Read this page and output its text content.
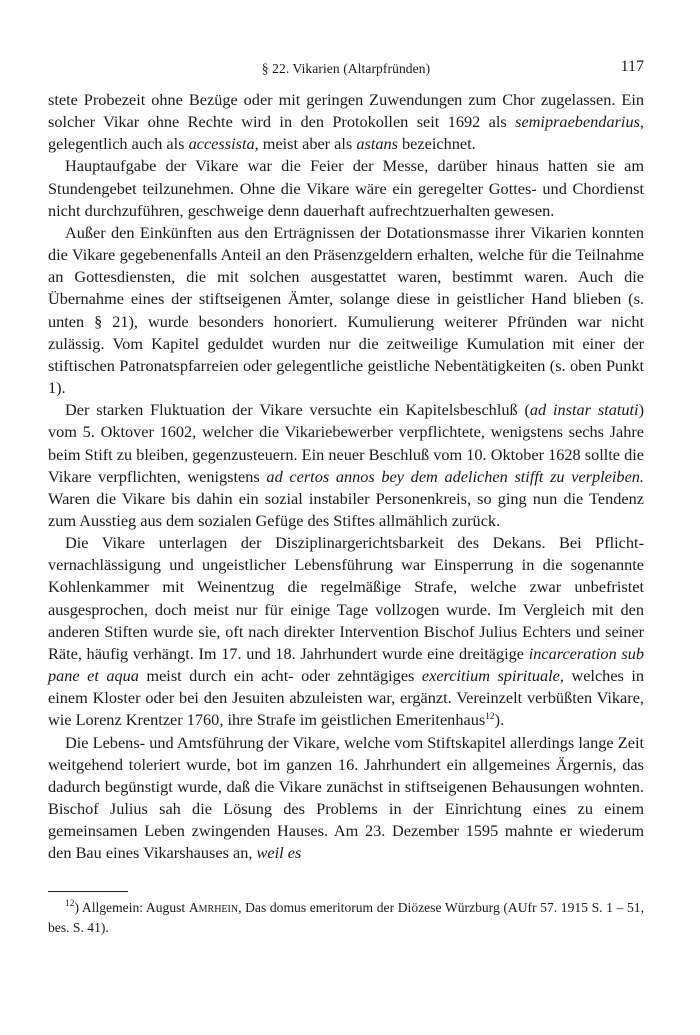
§ 22. Vikarien (Altarpfründen)	117

stete Probezeit ohne Bezüge oder mit geringen Zuwendungen zum Chor zugelassen. Ein solcher Vikar ohne Rechte wird in den Protokollen seit 1692 als semipraebendarius, gelegentlich auch als accessista, meist aber als astans bezeichnet.

Hauptaufgabe der Vikare war die Feier der Messe, darüber hinaus hatten sie am Stundengebet teilzunehmen. Ohne die Vikare wäre ein geregelter Gottes- und Chordienst nicht durchzuführen, geschweige denn dauerhaft aufrechtzuerhalten gewesen.

Außer den Einkünften aus den Erträgnissen der Dotationsmasse ihrer Vikarien konnten die Vikare gegebenenfalls Anteil an den Präsenzgeldern erhalten, welche für die Teilnahme an Gottesdiensten, die mit solchen ausgestattet waren, bestimmt waren. Auch die Übernahme eines der stiftseigenen Ämter, solange diese in geistlicher Hand blieben (s. unten § 21), wurde besonders honoriert. Kumulierung weiterer Pfründen war nicht zulässig. Vom Kapitel geduldet wurden nur die zeitweilige Kumulation mit einer der stiftischen Patronatspfarreien oder gelegentliche geistliche Nebentätigkeiten (s. oben Punkt 1).

Der starken Fluktuation der Vikare versuchte ein Kapitelsbeschluß (ad instar statuti) vom 5. Oktover 1602, welcher die Vikariebewerber verpflichtete, wenigstens sechs Jahre beim Stift zu bleiben, gegenzusteuern. Ein neuer Beschluß vom 10. Oktober 1628 sollte die Vikare verpflichten, wenigstens ad certos annos bey dem adelichen stifft zu verpleiben. Waren die Vikare bis dahin ein sozial instabiler Personenkreis, so ging nun die Tendenz zum Ausstieg aus dem sozialen Gefüge des Stiftes allmählich zurück.

Die Vikare unterlagen der Disziplinargerichtsbarkeit des Dekans. Bei Pflichtvernachlässigung und ungeistlicher Lebensführung war Einsperrung in die sogenannte Kohlenkammer mit Weinentzug die regelmäßige Strafe, welche zwar unbefristet ausgesprochen, doch meist nur für einige Tage vollzogen wurde. Im Vergleich mit den anderen Stiften wurde sie, oft nach direkter Intervention Bischof Julius Echters und seiner Räte, häufig verhängt. Im 17. und 18. Jahrhundert wurde eine dreitägige incarceration sub pane et aqua meist durch ein acht- oder zehntägiges exercitium spirituale, welches in einem Kloster oder bei den Jesuiten abzuleisten war, ergänzt. Vereinzelt verbüßten Vikare, wie Lorenz Krentzer 1760, ihre Strafe im geistlichen Emeritenhaus$^{12}$).

Die Lebens- und Amtsführung der Vikare, welche vom Stiftskapitel allerdings lange Zeit weitgehend toleriert wurde, bot im ganzen 16. Jahrhundert ein allgemeines Ärgernis, das dadurch begünstigt wurde, daß die Vikare zunächst in stiftseigenen Behausungen wohnten. Bischof Julius sah die Lösung des Problems in der Einrichtung eines zu einem gemeinsamen Leben zwingenden Hauses. Am 23. Dezember 1595 mahnte er wiederum den Bau eines Vikarshauses an, weil es

$^{12}$) Allgemein: August Amrhein, Das domus emeritorum der Diözese Würzburg (AUfr 57. 1915 S. 1 – 51, bes. S. 41).
